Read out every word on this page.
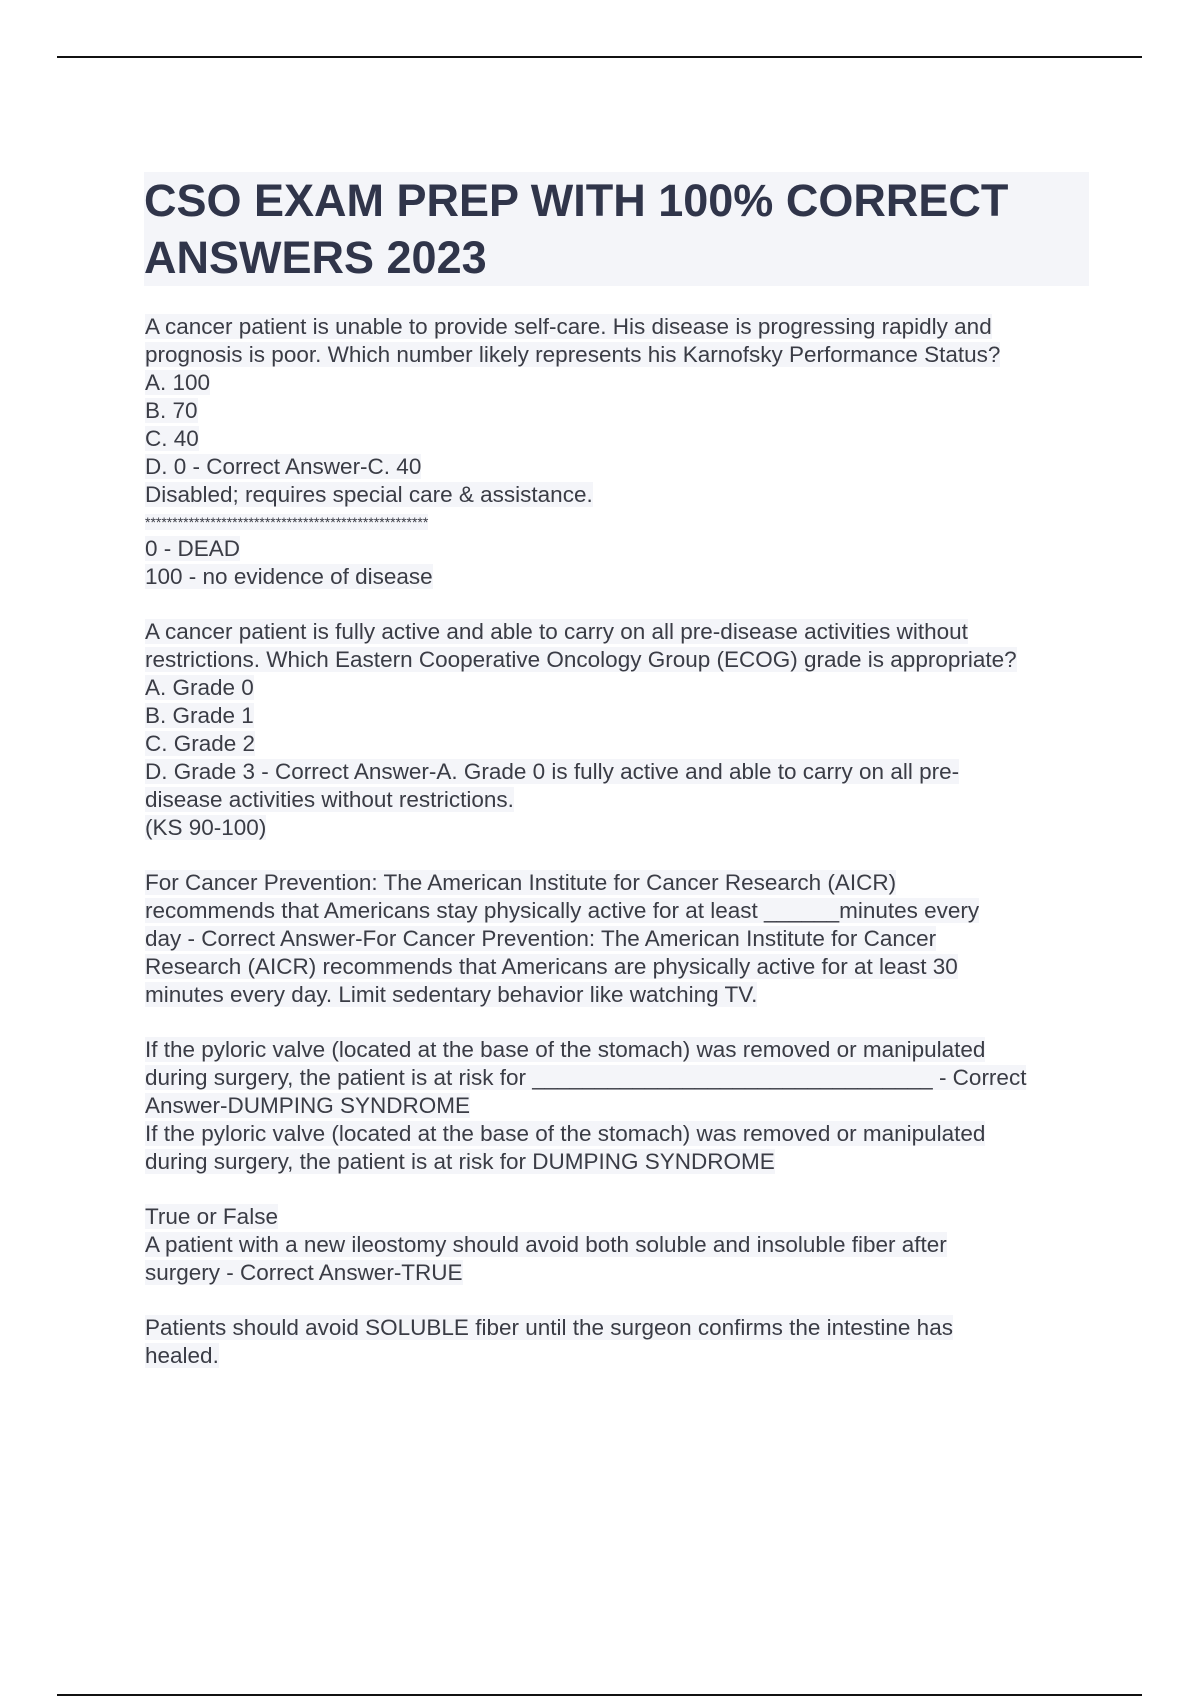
CSO EXAM PREP WITH 100% CORRECT
ANSWERS 2023
A cancer patient is unable to provide self-care. His disease is progressing rapidly and
prognosis is poor. Which number likely represents his Karnofsky Performance Status?
A. 100
B. 70
C. 40
D. 0 - Correct Answer-C. 40
Disabled; requires special care & assistance.
****************************************************
0 - DEAD
100 - no evidence of disease
A cancer patient is fully active and able to carry on all pre-disease activities without
restrictions. Which Eastern Cooperative Oncology Group (ECOG) grade is appropriate?
A. Grade 0
B. Grade 1
C. Grade 2
D. Grade 3 - Correct Answer-A. Grade 0 is fully active and able to carry on all pre-
disease activities without restrictions.
(KS 90-100)
For Cancer Prevention: The American Institute for Cancer Research (AICR)
recommends that Americans stay physically active for at least ______minutes every
day - Correct Answer-For Cancer Prevention: The American Institute for Cancer
Research (AICR) recommends that Americans are physically active for at least 30
minutes every day. Limit sedentary behavior like watching TV.
If the pyloric valve (located at the base of the stomach) was removed or manipulated
during surgery, the patient is at risk for ________________________________ - Correct
Answer-DUMPING SYNDROME
If the pyloric valve (located at the base of the stomach) was removed or manipulated
during surgery, the patient is at risk for DUMPING SYNDROME
True or False
A patient with a new ileostomy should avoid both soluble and insoluble fiber after
surgery - Correct Answer-TRUE
Patients should avoid SOLUBLE fiber until the surgeon confirms the intestine has
healed.
